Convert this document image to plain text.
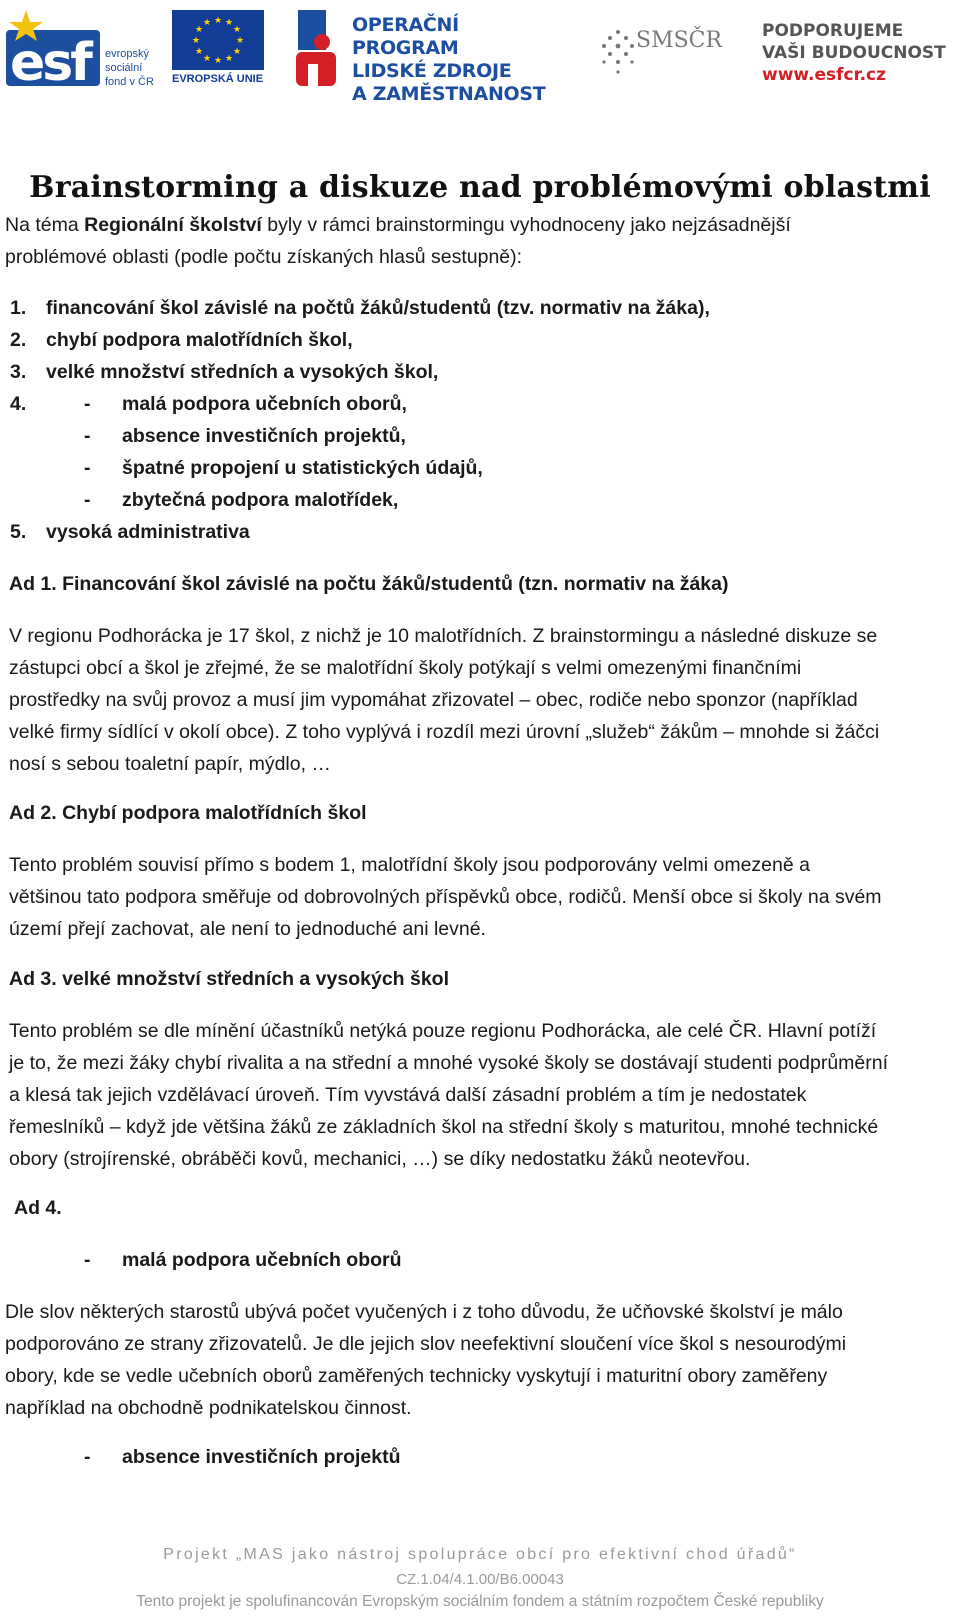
esf	evropský
sociální
fond v ČR
★ ★
★
★
★
★
★
★
★
★
★
★
EVROPSKÁ UNIE
OPERAČNÍ PROGRAM
LIDSKÉ ZDROJE
A ZAMĚSTNANOST
SMSČR PODPORUJEME
VAŠI BUDOUCNOST
www.esfcr.cz
Brainstorming a diskuze nad problémovými oblastmi
Na téma Regionální školství byly v rámci brainstormingu vyhodnoceny jako nejzásadnější
problémové oblasti (podle počtu získaných hlasů sestupně):
1. financování škol závislé na počtů žáků/studentů (tzv. normativ na žáka),
2. chybí podpora malotřídních škol,
3. velké množství středních a vysokých škol,
4.	- malá podpora učebních oborů,
- absence investičních projektů,
- špatné propojení u statistických údajů,
- zbytečná podpora malotřídek,
5. vysoká administrativa
Ad 1. Financování škol závislé na počtu žáků/studentů (tzn. normativ na žáka)
V regionu Podhorácka je 17 škol, z nichž je 10 malotřídních. Z brainstormingu a následné diskuze se
zástupci obcí a škol je zřejmé, že se malotřídní školy potýkají s velmi omezenými finančními
prostředky na svůj provoz a musí jim vypomáhat zřizovatel – obec, rodiče nebo sponzor (například
velké firmy sídlící v okolí obce). Z toho vyplývá i rozdíl mezi úrovní „služeb“ žákům – mnohde si žáčci
nosí s sebou toaletní papír, mýdlo, …
Ad 2. Chybí podpora malotřídních škol
Tento problém souvisí přímo s bodem 1, malotřídní školy jsou podporovány velmi omezeně a
většinou tato podpora směřuje od dobrovolných příspěvků obce, rodičů. Menší obce si školy na svém
území přejí zachovat, ale není to jednoduché ani levné.
Ad 3. velké množství středních a vysokých škol
Tento problém se dle mínění účastníků netýká pouze regionu Podhorácka, ale celé ČR. Hlavní potíží
je to, že mezi žáky chybí rivalita a na střední a mnohé vysoké školy se dostávají studenti podprůměrní
a klesá tak jejich vzdělávací úroveň. Tím vyvstává další zásadní problém a tím je nedostatek
řemeslníků – když jde většina žáků ze základních škol na střední školy s maturitou, mnohé technické
obory (strojírenské, obráběči kovů, mechanici, …) se díky nedostatku žáků neotevřou.
Ad 4.
- malá podpora učebních oborů
Dle slov některých starostů ubývá počet vyučených i z toho důvodu, že učňovské školství je málo
podporováno ze strany zřizovatelů. Je dle jejich slov neefektivní sloučení více škol s nesourodými
obory, kde se vedle učebních oborů zaměřených technicky vyskytují i maturitní obory zaměřeny
například na obchodně podnikatelskou činnost.
- absence investičních projektů
Projekt „MAS jako nástroj spolupráce obcí pro efektivní chod úřadů“
CZ.1.04/4.1.00/B6.00043
Tento projekt je spolufinancován Evropským sociálním fondem a státním rozpočtem České republiky
